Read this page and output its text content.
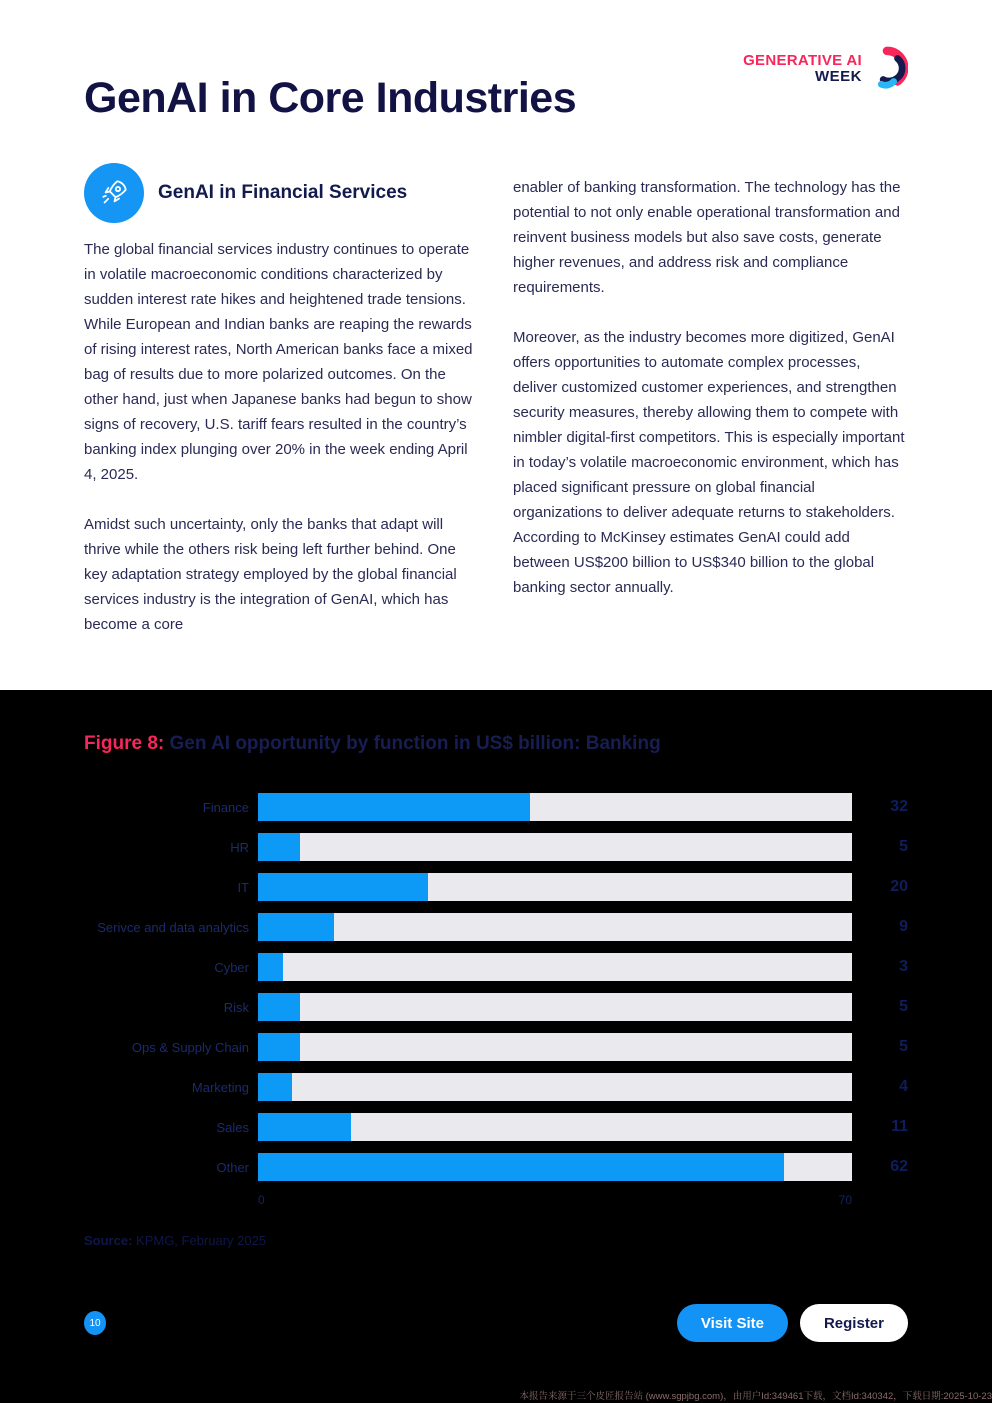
GENERATIVE AI
WEEK
GenAI in Core Industries
GenAI in Financial Services

The global financial services industry continues to operate in volatile macroeconomic conditions characterized by sudden interest rate hikes and heightened trade tensions. While European and Indian banks are reaping the rewards of rising interest rates, North American banks face a mixed bag of results due to more polarized outcomes. On the other hand, just when Japanese banks had begun to show signs of recovery, U.S. tariff fears resulted in the country’s banking index plunging over 20% in the week ending April 4, 2025.

Amidst such uncertainty, only the banks that adapt will thrive while the others risk being left further behind. One key adaptation strategy employed by the global financial services industry is the integration of GenAI, which has become a core

enabler of banking transformation. The technology has the potential to not only enable operational transformation and reinvent business models but also save costs, generate higher revenues, and address risk and compliance requirements.

Moreover, as the industry becomes more digitized, GenAI offers opportunities to automate complex processes, deliver customized customer experiences, and strengthen security measures, thereby allowing them to compete with nimbler digital-first competitors. This is especially important in today’s volatile macroeconomic environment, which has placed significant pressure on global financial organizations to deliver adequate returns to stakeholders. According to McKinsey estimates GenAI could add between US$200 billion to US$340 billion to the global banking sector annually.

Figure 8: Gen AI opportunity by function in US$ billion: Banking
Finance	32
HR	5
IT	20
Serivce and data analytics	9
Cyber	3
Risk	5
Ops & Supply Chain	5
Marketing	4
Sales	11
Other	62
0	70
Source: KPMG, February 2025
10	Visit Site	Register
本报告来源于三个皮匠报告站 (www.sgpjbg.com)，由用户Id:349461下载，文档Id:340342，下载日期:2025-10-23
